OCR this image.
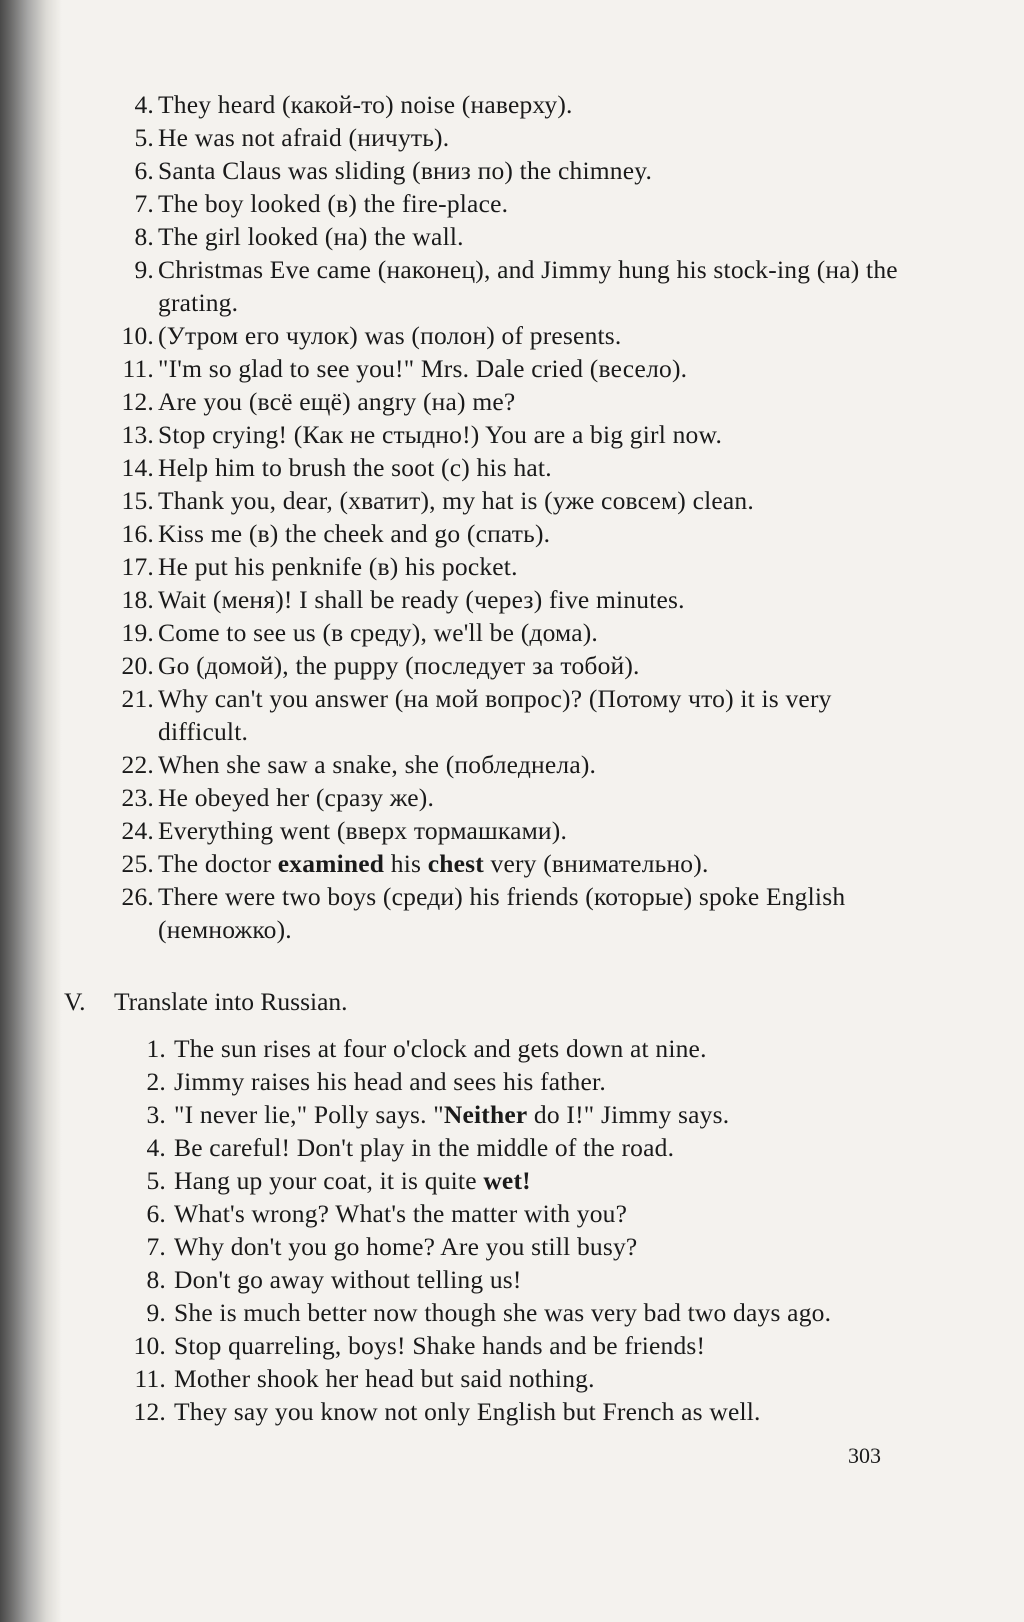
4. They heard (какой-то) noise (наверху).
5. He was not afraid (ничуть).
6. Santa Claus was sliding (вниз по) the chimney.
7. The boy looked (в) the fire-place.
8. The girl looked (на) the wall.
9. Christmas Eve came (наконец), and Jimmy hung his stock-ing (на) the grating.
10. (Утром его чулок) was (полон) of presents.
11. "I'm so glad to see you!" Mrs. Dale cried (весело).
12. Are you (всё ещё) angry (на) me?
13. Stop crying! (Как не стыдно!) You are a big girl now.
14. Help him to brush the soot (с) his hat.
15. Thank you, dear, (хватит), my hat is (уже совсем) clean.
16. Kiss me (в) the cheek and go (спать).
17. He put his penknife (в) his pocket.
18. Wait (меня)! I shall be ready (через) five minutes.
19. Come to see us (в среду), we'll be (дома).
20. Go (домой), the puppy (последует за тобой).
21. Why can't you answer (на мой вопрос)? (Потому что) it is very difficult.
22. When she saw a snake, she (побледнела).
23. He obeyed her (сразу же).
24. Everything went (вверх тормашками).
25. The doctor examined his chest very (внимательно).
26. There were two boys (среди) his friends (которые) spoke English (немножко).
V. Translate into Russian.
1. The sun rises at four o'clock and gets down at nine.
2. Jimmy raises his head and sees his father.
3. "I never lie," Polly says. "Neither do I!" Jimmy says.
4. Be careful! Don't play in the middle of the road.
5. Hang up your coat, it is quite wet!
6. What's wrong? What's the matter with you?
7. Why don't you go home? Are you still busy?
8. Don't go away without telling us!
9. She is much better now though she was very bad two days ago.
10. Stop quarreling, boys! Shake hands and be friends!
11. Mother shook her head but said nothing.
12. They say you know not only English but French as well.
303
